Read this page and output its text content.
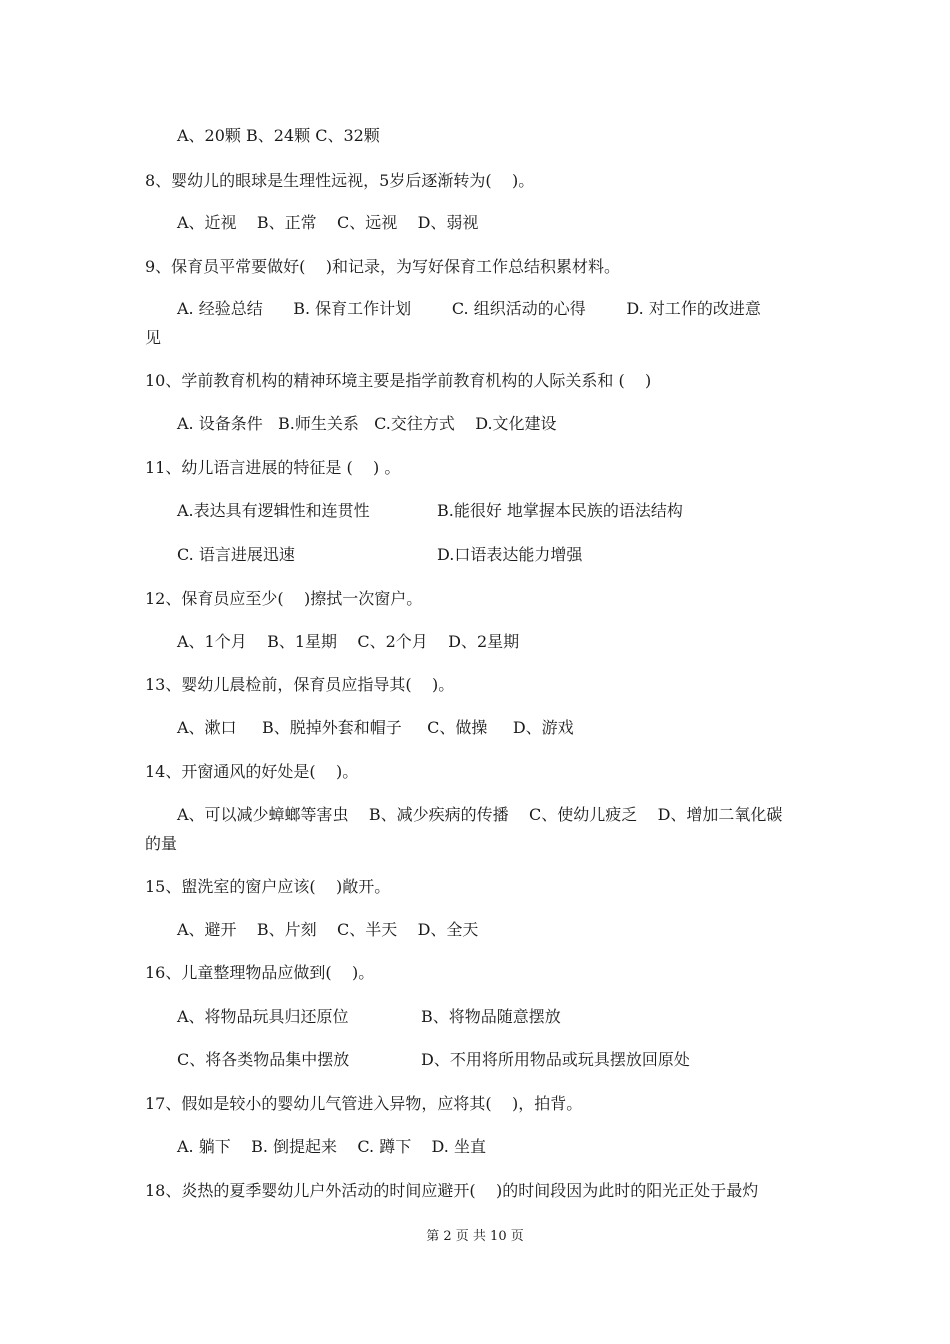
A、20颗 B、24颗 C、32颗
8、婴幼儿的眼球是生理性远视，5岁后逐渐转为(    )。
A、近视    B、正常    C、远视    D、弱视
9、保育员平常要做好(    )和记录，为写好保育工作总结积累材料。
A. 经验总结      B. 保育工作计划        C. 组织活动的心得        D. 对工作的改进意
见
10、学前教育机构的精神环境主要是指学前教育机构的人际关系和 (    )
A. 设备条件   B.师生关系   C.交往方式    D.文化建设
11、幼儿语言进展的特征是 (    ) 。
A.表达具有逻辑性和连贯性	B.能很好 地掌握本民族的语法结构
C. 语言进展迅速	D.口语表达能力增强
12、保育员应至少(    )擦拭一次窗户。
A、1个月    B、1星期    C、2个月    D、2星期
13、婴幼儿晨检前，保育员应指导其(    )。
A、漱口     B、脱掉外套和帽子     C、做操     D、游戏
14、开窗通风的好处是(    )。
A、可以减少蟑螂等害虫    B、减少疾病的传播    C、使幼儿疲乏    D、增加二氧化碳
的量
15、盥洗室的窗户应该(    )敞开。
A、避开    B、片刻    C、半天    D、全天
16、儿童整理物品应做到(    )。
A、将物品玩具归还原位	B、将物品随意摆放
C、将各类物品集中摆放	D、不用将所用物品或玩具摆放回原处
17、假如是较小的婴幼儿气管进入异物，应将其(    )，拍背。
A. 躺下    B. 倒提起来    C. 蹲下    D. 坐直
18、炎热的夏季婴幼儿户外活动的时间应避开(    )的时间段因为此时的阳光正处于最灼
第 2 页 共 10 页
